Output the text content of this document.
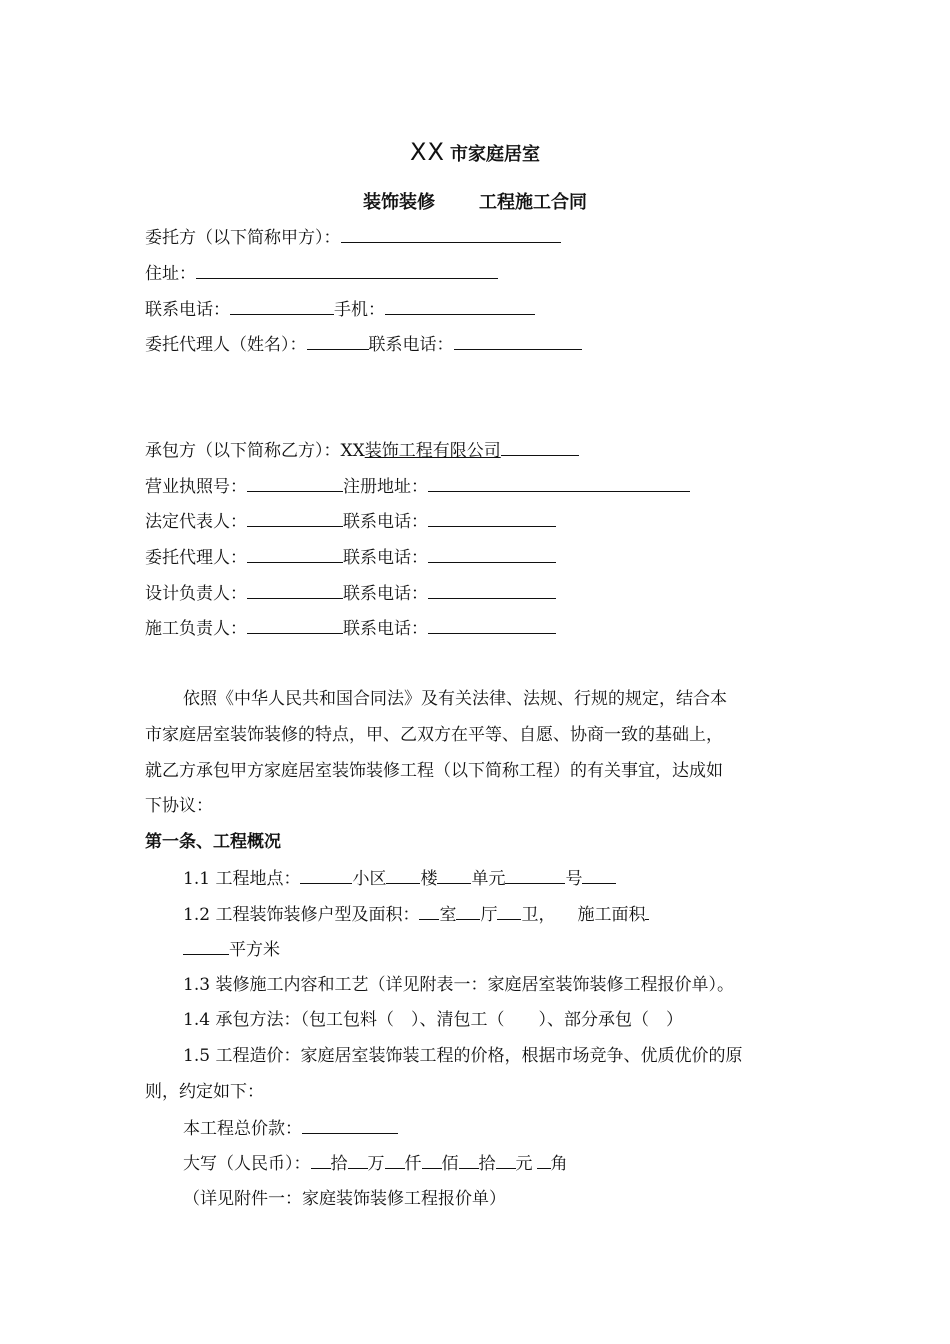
XX 市家庭居室
装饰装修 工程施工合同
委托方（以下简称甲方）：
住址：
联系电话：	手机：
委托代理人（姓名）：	联系电话：
承包方（以下简称乙方）：XX装饰工程有限公司
营业执照号：	注册地址：
法定代表人：	联系电话：
委托代理人：	联系电话：
设计负责人：	联系电话：
施工负责人：	联系电话：
依照《中华人民共和国合同法》及有关法律、法规、行规的规定，结合本
市家庭居室装饰装修的特点，甲、乙双方在平等、自愿、协商一致的基础上，
就乙方承包甲方家庭居室装饰装修工程（以下简称工程）的有关事宜，达成如
下协议：
第一条、工程概况
1.1 工程地点：	小区 楼 单元	号
1.2 工程装饰装修户型及面积： 室 厅 卫， 施工面积
平方米
1.3 装修施工内容和工艺（详见附表一：家庭居室装饰装修工程报价单）。
1.4 承包方法：（包工包料（　）、清包工（　　）、部分承包（　）
1.5 工程造价：家庭居室装饰装工程的价格，根据市场竞争、优质优价的原
则，约定如下：
本工程总价款：
大写（人民币）： 拾 万 仟 佰 拾 元 角
（详见附件一：家庭装饰装修工程报价单）
